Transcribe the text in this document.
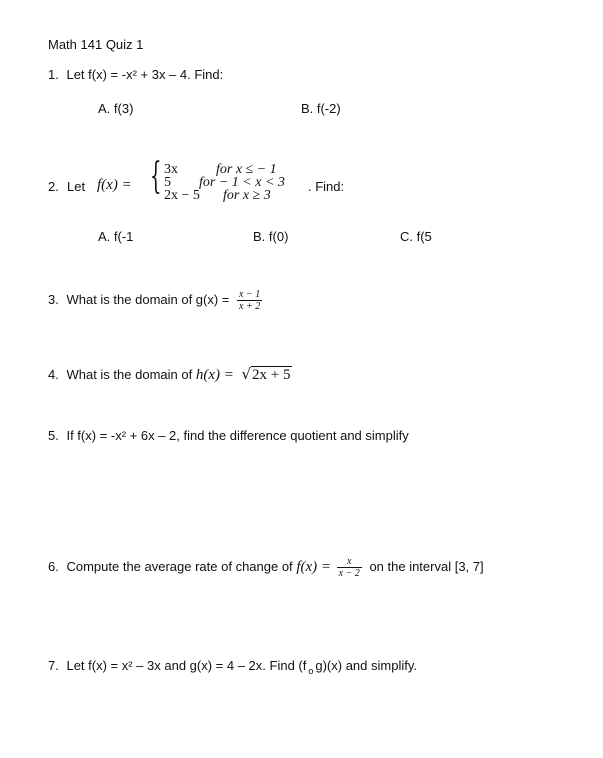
Math 141 Quiz 1
1. Let f(x) = -x² + 3x – 4. Find:
A. f(3)	B. f(-2)
2. Let f(x) = { 3x
5
2x − 5
for x ≤ − 1
for − 1 < x < 3
for x ≥ 3
. Find:
A. f(-1	B. f(0)	C. f(5
3. What is the domain of $g(x) = \frac{x - 1}{x + 2}$
4. What is the domain of h(x) = √2x + 5
5. If f(x) = -x² + 6x – 2, find the difference quotient and simplify
6. Compute the average rate of change of $f(x) = \frac{x}{x - 2}$ on the interval [3, 7]
7. Let f(x) = x² – 3x and g(x) = 4 – 2x. Find (f $_o$ g)(x) and simplify.
